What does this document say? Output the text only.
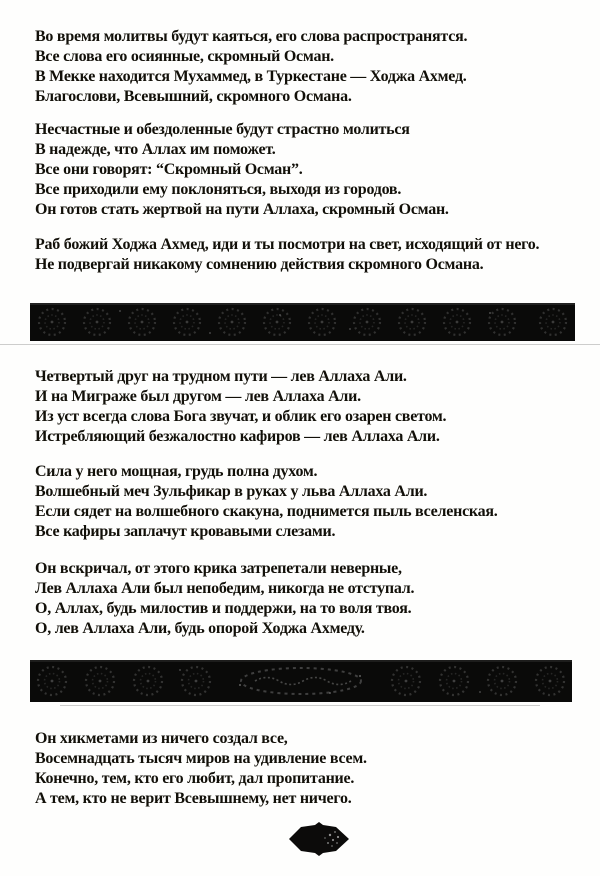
Во время молитвы будут каяться, его слова распространятся.
Все слова его осиянные, скромный Осман.
В Мекке находится Мухаммед, в Туркестане — Ходжа Ахмед.
Благослови, Всевышний, скромного Османа.
Несчастные и обездоленные будут страстно молиться
В надежде, что Аллах им поможет.
Все они говорят: “Скромный Осман”.
Все приходили ему поклоняться, выходя из городов.
Он готов стать жертвой на пути Аллаха, скромный Осман.
Раб божий Ходжа Ахмед, иди и ты посмотри на свет, исходящий от него.
Не подвергай никакому сомнению действия скромного Османа.
Четвертый друг на трудном пути — лев Аллаха Али.
И на Миграже был другом — лев Аллаха Али.
Из уст всегда слова Бога звучат, и облик его озарен светом.
Истребляющий безжалостно кафиров — лев Аллаха Али.
Сила у него мощная, грудь полна духом.
Волшебный меч Зульфикар в руках у льва Аллаха Али.
Если сядет на волшебного скакуна, поднимется пыль вселенская.
Все кафиры заплачут кровавыми слезами.
Он вскричал, от этого крика затрепетали неверные,
Лев Аллаха Али был непобедим, никогда не отступал.
О, Аллах, будь милостив и поддержи, на то воля твоя.
О, лев Аллаха Али, будь опорой Ходжа Ахмеду.
Он хикметами из ничего создал все,
Восемнадцать тысяч миров на удивление всем.
Конечно, тем, кто его любит, дал пропитание.
А тем, кто не верит Всевышнему, нет ничего.
